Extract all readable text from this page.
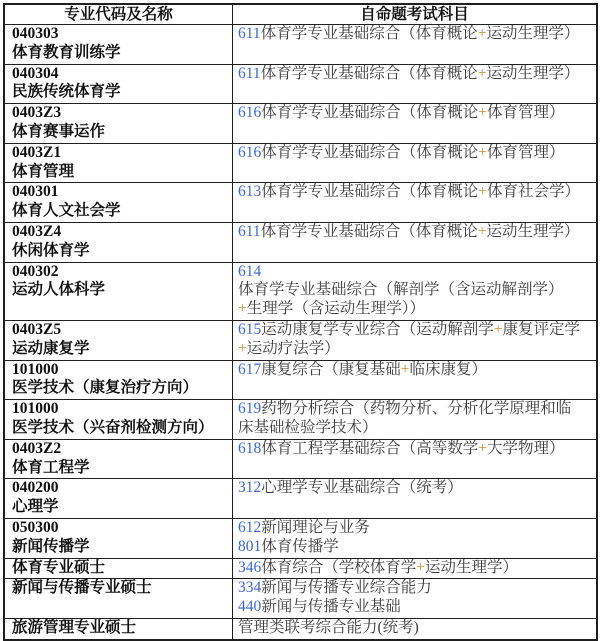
专业代码及名称	自命题考试科目

040303
体育教育训练学	611体育学专业基础综合（体育概论+运动生理学）

040304
民族传统体育学	611体育学专业基础综合（体育概论+运动生理学）

0403Z3
体育赛事运作	616体育学专业基础综合（体育概论+体育管理）

0403Z1
体育管理	616体育学专业基础综合（体育概论+体育管理）

040301
体育人文社会学	613体育学专业基础综合（体育概论+体育社会学）

0403Z4
休闲体育学	611体育学专业基础综合（体育概论+运动生理学）

040302
运动人体科学	614体育学专业基础综合（解剖学（含运动解剖学）+生理学（含运动生理学））

0403Z5
运动康复学	615运动康复学专业综合（运动解剖学+康复评定学+运动疗法学）

101000
医学技术（康复治疗方向）	617康复综合（康复基础+临床康复）

101000
医学技术（兴奋剂检测方向）	619药物分析综合（药物分析、分析化学原理和临床基础检验学技术）

0403Z2
体育工程学	618体育工程学基础综合（高等数学+大学物理）

040200
心理学	312心理学专业基础综合（统考）

050300
新闻传播学	612新闻理论与业务
801体育传播学

体育专业硕士	346体育综合（学校体育学+运动生理学）

新闻与传播专业硕士	334新闻与传播专业综合能力
440新闻与传播专业基础

旅游管理专业硕士	管理类联考综合能力(统考)
